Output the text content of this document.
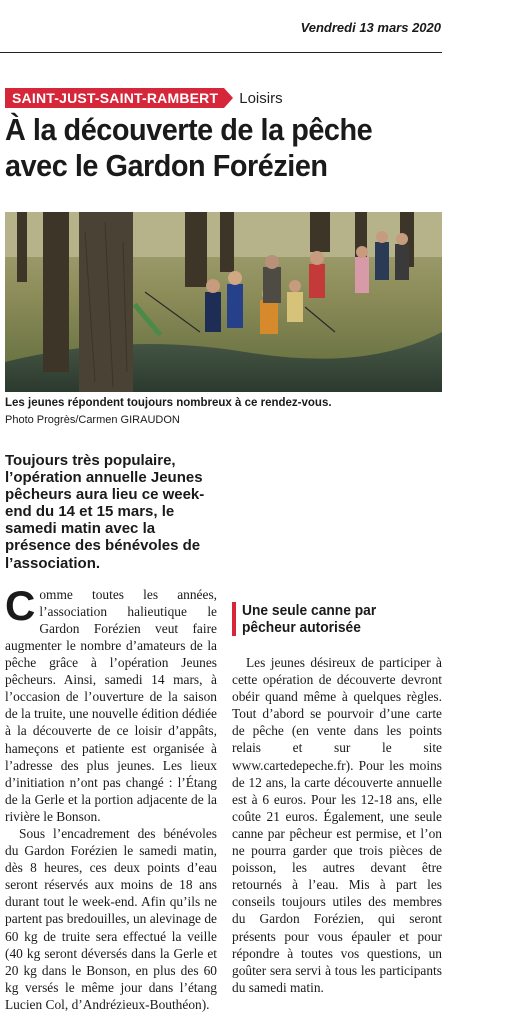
Vendredi 13 mars 2020
SAINT-JUST-SAINT-RAMBERT	Loisirs
À la découverte de la pêche avec le Gardon Forézien
Les jeunes répondent toujours nombreux à ce rendez-vous.
Photo Progrès/Carmen GIRAUDON

Toujours très populaire, l’opération annuelle Jeunes pêcheurs aura lieu ce week-end du 14 et 15 mars, le samedi matin avec la présence des bénévoles de l’association.

Comme toutes les années, l’association halieutique le Gardon Forézien veut faire augmenter le nombre d’amateurs de la pêche grâce à l’opération Jeunes pêcheurs. Ainsi, samedi 14 mars, à l’occasion de l’ouverture de la saison de la truite, une nouvelle édition dédiée à la découverte de ce loisir d’appâts, hameçons et patiente est organisée à l’adresse des plus jeunes. Les lieux d’initiation n’ont pas changé : l’Étang de la Gerle et la portion adjacente de la rivière le Bonson.

Sous l’encadrement des bénévoles du Gardon Forézien le samedi matin, dès 8 heures, ces deux points d’eau seront réservés aux moins de 18 ans durant tout le week-end. Afin qu’ils ne partent pas bredouilles, un alevinage de 60 kg de truite sera effectué la veille (40 kg seront déversés dans la Gerle et 20 kg dans le Bonson, en plus des 60 kg versés le même jour dans l’étang Lucien Col, d’Andrézieux-Bouthéon).

Une seule canne par pêcheur autorisée

Les jeunes désireux de participer à cette opération de découverte devront obéir quand même à quelques règles. Tout d’abord se pourvoir d’une carte de pêche (en vente dans les points relais et sur le site www.cartedepeche.fr). Pour les moins de 12 ans, la carte découverte annuelle est à 6 euros. Pour les 12-18 ans, elle coûte 21 euros. Également, une seule canne par pêcheur est permise, et l’on ne pourra garder que trois pièces de poisson, les autres devant être retournés à l’eau. Mis à part les conseils toujours utiles des membres du Gardon Forézien, qui seront présents pour vous épauler et pour répondre à toutes vos questions, un goûter sera servi à tous les participants du samedi matin.
